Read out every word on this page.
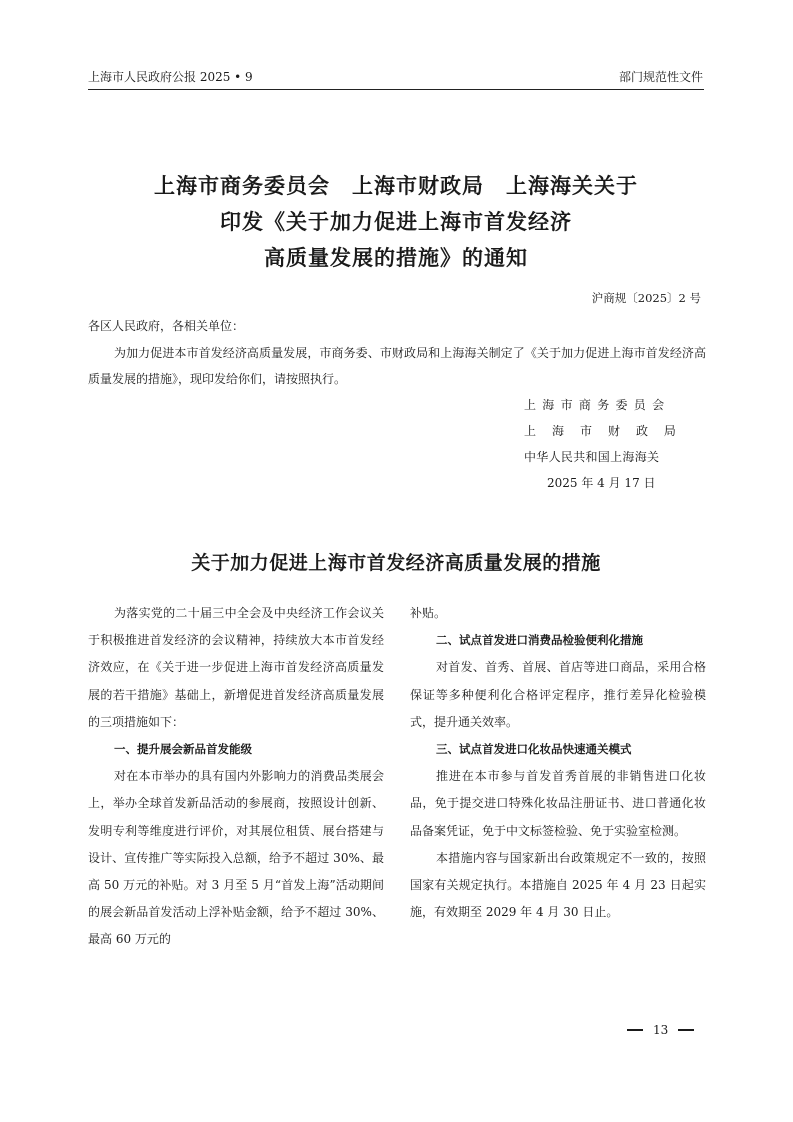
上海市人民政府公报 2025 • 9	部门规范性文件
上海市商务委员会　上海市财政局　上海海关关于
印发《关于加力促进上海市首发经济
高质量发展的措施》的通知
沪商规〔2025〕2 号
各区人民政府，各相关单位：
为加力促进本市首发经济高质量发展，市商务委、市财政局和上海海关制定了《关于加力促进上海市首发经济高质量发展的措施》，现印发给你们，请按照执行。
上海市商务委员会
上 海 市 财 政 局
中华人民共和国上海海关
2025 年 4 月 17 日
关于加力促进上海市首发经济高质量发展的措施

为落实党的二十届三中全会及中央经济工作会议关于积极推进首发经济的会议精神，持续放大本市首发经济效应，在《关于进一步促进上海市首发经济高质量发展的若干措施》基础上，新增促进首发经济高质量发展的三项措施如下：

一、提升展会新品首发能级

对在本市举办的具有国内外影响力的消费品类展会上，举办全球首发新品活动的参展商，按照设计创新、发明专利等维度进行评价，对其展位租赁、展台搭建与设计、宣传推广等实际投入总额，给予不超过 30%、最高 50 万元的补贴。对 3 月至 5 月“首发上海”活动期间的展会新品首发活动上浮补贴金额，给予不超过 30%、最高 60 万元的

补贴。

二、试点首发进口消费品检验便利化措施

对首发、首秀、首展、首店等进口商品，采用合格保证等多种便利化合格评定程序，推行差异化检验模式，提升通关效率。

三、试点首发进口化妆品快速通关模式

推进在本市参与首发首秀首展的非销售进口化妆品，免于提交进口特殊化妆品注册证书、进口普通化妆品备案凭证，免于中文标签检验、免于实验室检测。

本措施内容与国家新出台政策规定不一致的，按照国家有关规定执行。本措施自 2025 年 4 月 23 日起实施，有效期至 2029 年 4 月 30 日止。

13
